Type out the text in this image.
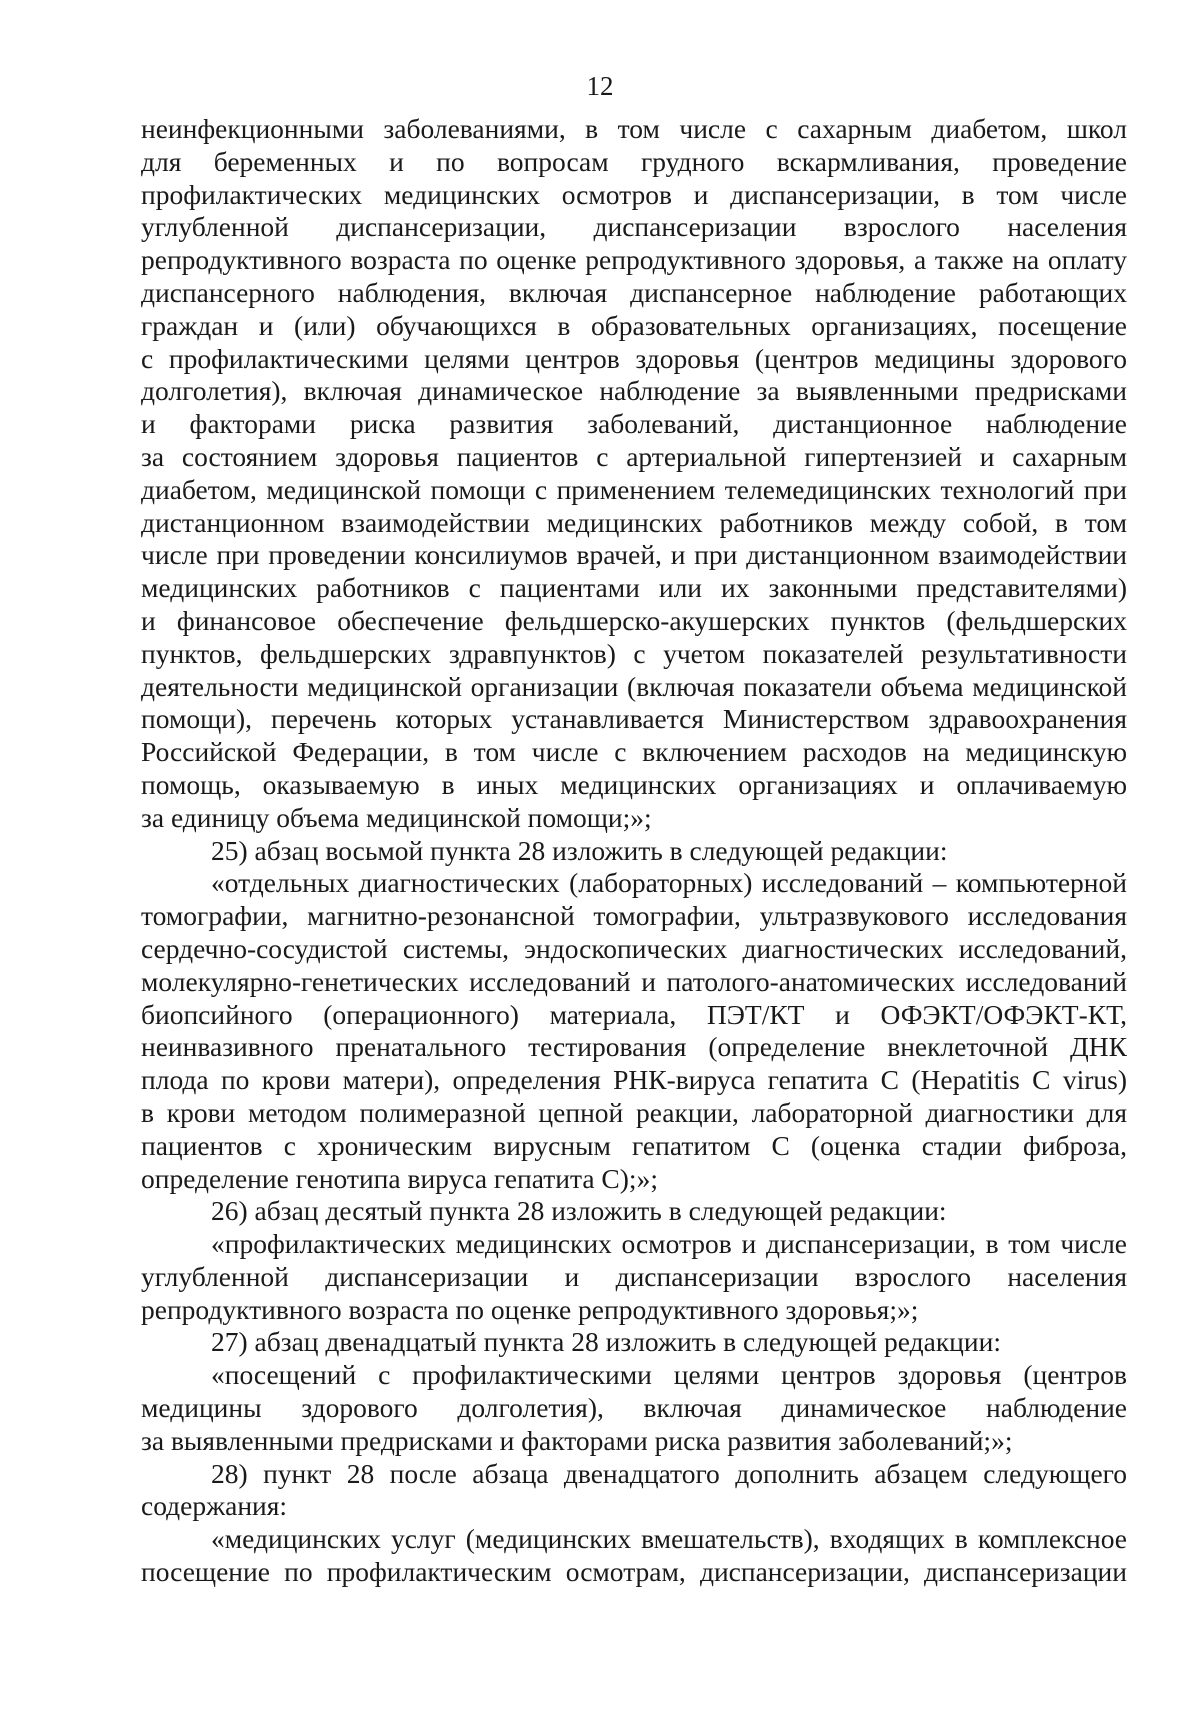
12
неинфекционными заболеваниями, в том числе с сахарным диабетом, школ
для беременных и по вопросам грудного вскармливания, проведение
профилактических медицинских осмотров и диспансеризации, в том числе
углубленной диспансеризации, диспансеризации взрослого населения
репродуктивного возраста по оценке репродуктивного здоровья, а также на оплату
диспансерного наблюдения, включая диспансерное наблюдение работающих
граждан и (или) обучающихся в образовательных организациях, посещение
с профилактическими целями центров здоровья (центров медицины здорового
долголетия), включая динамическое наблюдение за выявленными предрисками
и факторами риска развития заболеваний, дистанционное наблюдение
за состоянием здоровья пациентов с артериальной гипертензией и сахарным
диабетом, медицинской помощи с применением телемедицинских технологий при
дистанционном взаимодействии медицинских работников между собой, в том
числе при проведении консилиумов врачей, и при дистанционном взаимодействии
медицинских работников с пациентами или их законными представителями)
и финансовое обеспечение фельдшерско-акушерских пунктов (фельдшерских
пунктов, фельдшерских здравпунктов) с учетом показателей результативности
деятельности медицинской организации (включая показатели объема медицинской
помощи), перечень которых устанавливается Министерством здравоохранения
Российской Федерации, в том числе с включением расходов на медицинскую
помощь, оказываемую в иных медицинских организациях и оплачиваемую
за единицу объема медицинской помощи;»;
25) абзац восьмой пункта 28 изложить в следующей редакции:
«отдельных диагностических (лабораторных) исследований – компьютерной
томографии, магнитно-резонансной томографии, ультразвукового исследования
сердечно-сосудистой системы, эндоскопических диагностических исследований,
молекулярно-генетических исследований и патолого-анатомических исследований
биопсийного (операционного) материала, ПЭТ/КТ и ОФЭКТ/ОФЭКТ-КТ,
неинвазивного пренатального тестирования (определение внеклеточной ДНК
плода по крови матери), определения РНК-вируса гепатита С (Hepatitis C virus)
в крови методом полимеразной цепной реакции, лабораторной диагностики для
пациентов с хроническим вирусным гепатитом С (оценка стадии фиброза,
определение генотипа вируса гепатита С);»;
26) абзац десятый пункта 28 изложить в следующей редакции:
«профилактических медицинских осмотров и диспансеризации, в том числе
углубленной диспансеризации и диспансеризации взрослого населения
репродуктивного возраста по оценке репродуктивного здоровья;»;
27) абзац двенадцатый пункта 28 изложить в следующей редакции:
«посещений с профилактическими целями центров здоровья (центров
медицины здорового долголетия), включая динамическое наблюдение
за выявленными предрисками и факторами риска развития заболеваний;»;
28) пункт 28 после абзаца двенадцатого дополнить абзацем следующего
содержания:
«медицинских услуг (медицинских вмешательств), входящих в комплексное
посещение по профилактическим осмотрам, диспансеризации, диспансеризации
